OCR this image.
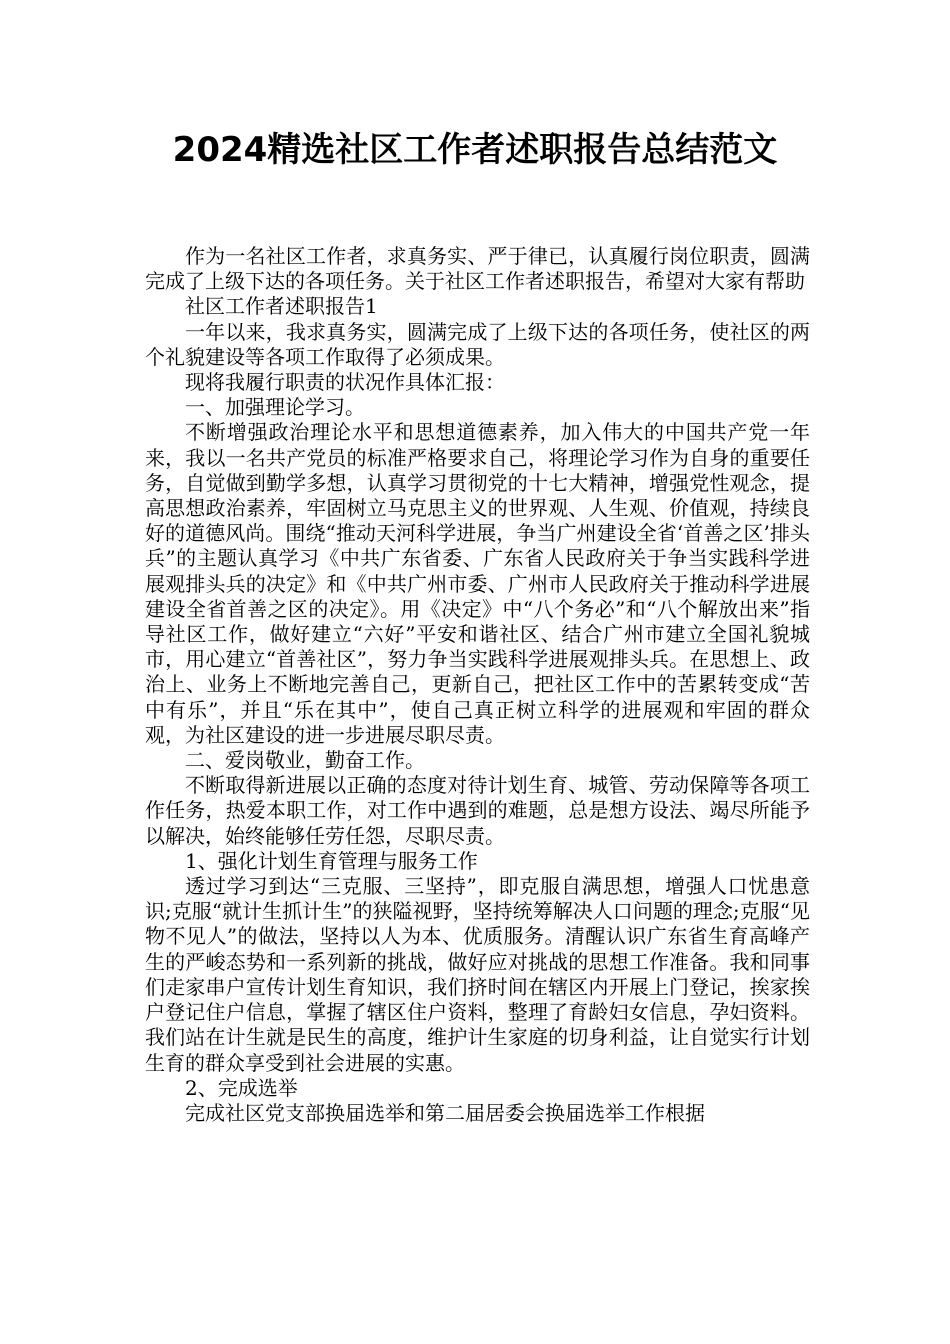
2024精选社区工作者述职报告总结范文

作为一名社区工作者，求真务实、严于律已，认真履行岗位职责，圆满完成了上级下达的各项任务。关于社区工作者述职报告，希望对大家有帮助

社区工作者述职报告1

一年以来，我求真务实，圆满完成了上级下达的各项任务，使社区的两个礼貌建设等各项工作取得了必须成果。

现将我履行职责的状况作具体汇报：

一、加强理论学习。

不断增强政治理论水平和思想道德素养，加入伟大的中国共产党一年来，我以一名共产党员的标准严格要求自己，将理论学习作为自身的重要任务，自觉做到勤学多想，认真学习贯彻党的十七大精神，增强党性观念，提高思想政治素养，牢固树立马克思主义的世界观、人生观、价值观，持续良好的道德风尚。围绕“推动天河科学进展，争当广州建设全省‘首善之区’排头兵”的主题认真学习《中共广东省委、广东省人民政府关于争当实践科学进展观排头兵的决定》和《中共广州市委、广州市人民政府关于推动科学进展建设全省首善之区的决定》。用《决定》中“八个务必”和“八个解放出来”指导社区工作，做好建立“六好”平安和谐社区、结合广州市建立全国礼貌城市，用心建立“首善社区”，努力争当实践科学进展观排头兵。在思想上、政治上、业务上不断地完善自己，更新自己，把社区工作中的苦累转变成“苦中有乐”，并且“乐在其中”，使自己真正树立科学的进展观和牢固的群众观，为社区建设的进一步进展尽职尽责。

二、爱岗敬业，勤奋工作。

不断取得新进展以正确的态度对待计划生育、城管、劳动保障等各项工作任务，热爱本职工作，对工作中遇到的难题，总是想方设法、竭尽所能予以解决，始终能够任劳任怨，尽职尽责。

1、强化计划生育管理与服务工作

透过学习到达“三克服、三坚持”，即克服自满思想，增强人口忧患意识;克服“就计生抓计生”的狭隘视野，坚持统筹解决人口问题的理念;克服“见物不见人”的做法，坚持以人为本、优质服务。清醒认识广东省生育高峰产生的严峻态势和一系列新的挑战，做好应对挑战的思想工作准备。我和同事们走家串户宣传计划生育知识，我们挤时间在辖区内开展上门登记，挨家挨户登记住户信息，掌握了辖区住户资料，整理了育龄妇女信息，孕妇资料。我们站在计生就是民生的高度，维护计生家庭的切身利益，让自觉实行计划生育的群众享受到社会进展的实惠。

2、完成选举

完成社区党支部换届选举和第二届居委会换届选举工作根据
